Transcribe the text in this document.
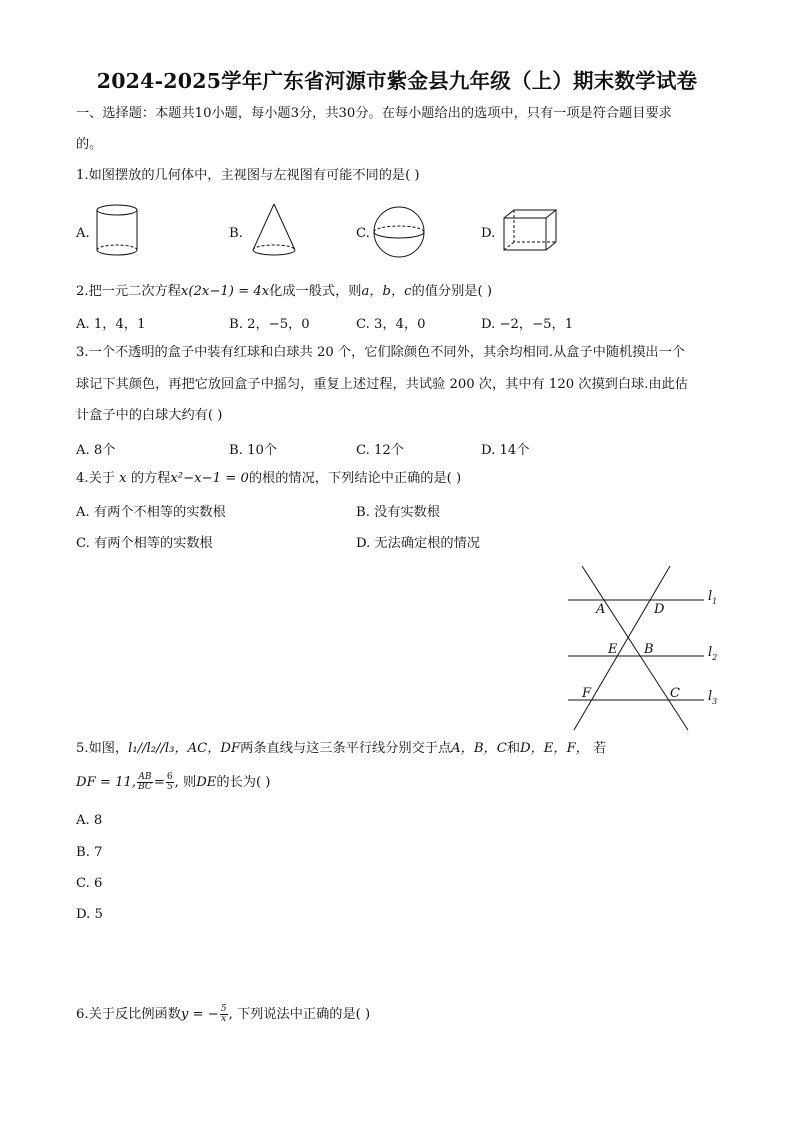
2024-2025学年广东省河源市紫金县九年级（上）期末数学试卷
一、选择题：本题共10小题，每小题3分，共30分。在每小题给出的选项中，只有一项是符合题目要求
的。
1.如图摆放的几何体中，主视图与左视图有可能不同的是( )
A.	B.	C.	D.
2.把一元二次方程x(2x−1) = 4x化成一般式，则a，b，c的值分别是( )
A. 1，4，1	B. 2，−5，0	C. 3，4，0	D. −2，−5，1
3.一个不透明的盒子中装有红球和白球共 20 个，它们除颜色不同外，其余均相同.从盒子中随机摸出一个
球记下其颜色，再把它放回盒子中摇匀，重复上述过程，共试验 200 次，其中有 120 次摸到白球.由此估
计盒子中的白球大约有( )
A. 8个	B. 10个	C. 12个	D. 14个
4.关于 x 的方程x²−x−1 = 0的根的情况，下列结论中正确的是( )
A. 有两个不相等的实数根	B. 没有实数根
C. 有两个相等的实数根	D. 无法确定根的情况
A	D
E B
F	C
$l_1$
$l_2$
$l_3$
5.如图，l₁//l₂//l₃，AC，DF两条直线与这三条平行线分别交于点A，B，C和D，E，F， 若
DF = 11, $\frac{AB}{BC} = \frac{6}{5}$ , 则DE的长为( )
A. 8
B. 7
C. 6
D. 5
6.关于反比例函数y = − $\frac{5}{x}$ , 下列说法中正确的是( )
